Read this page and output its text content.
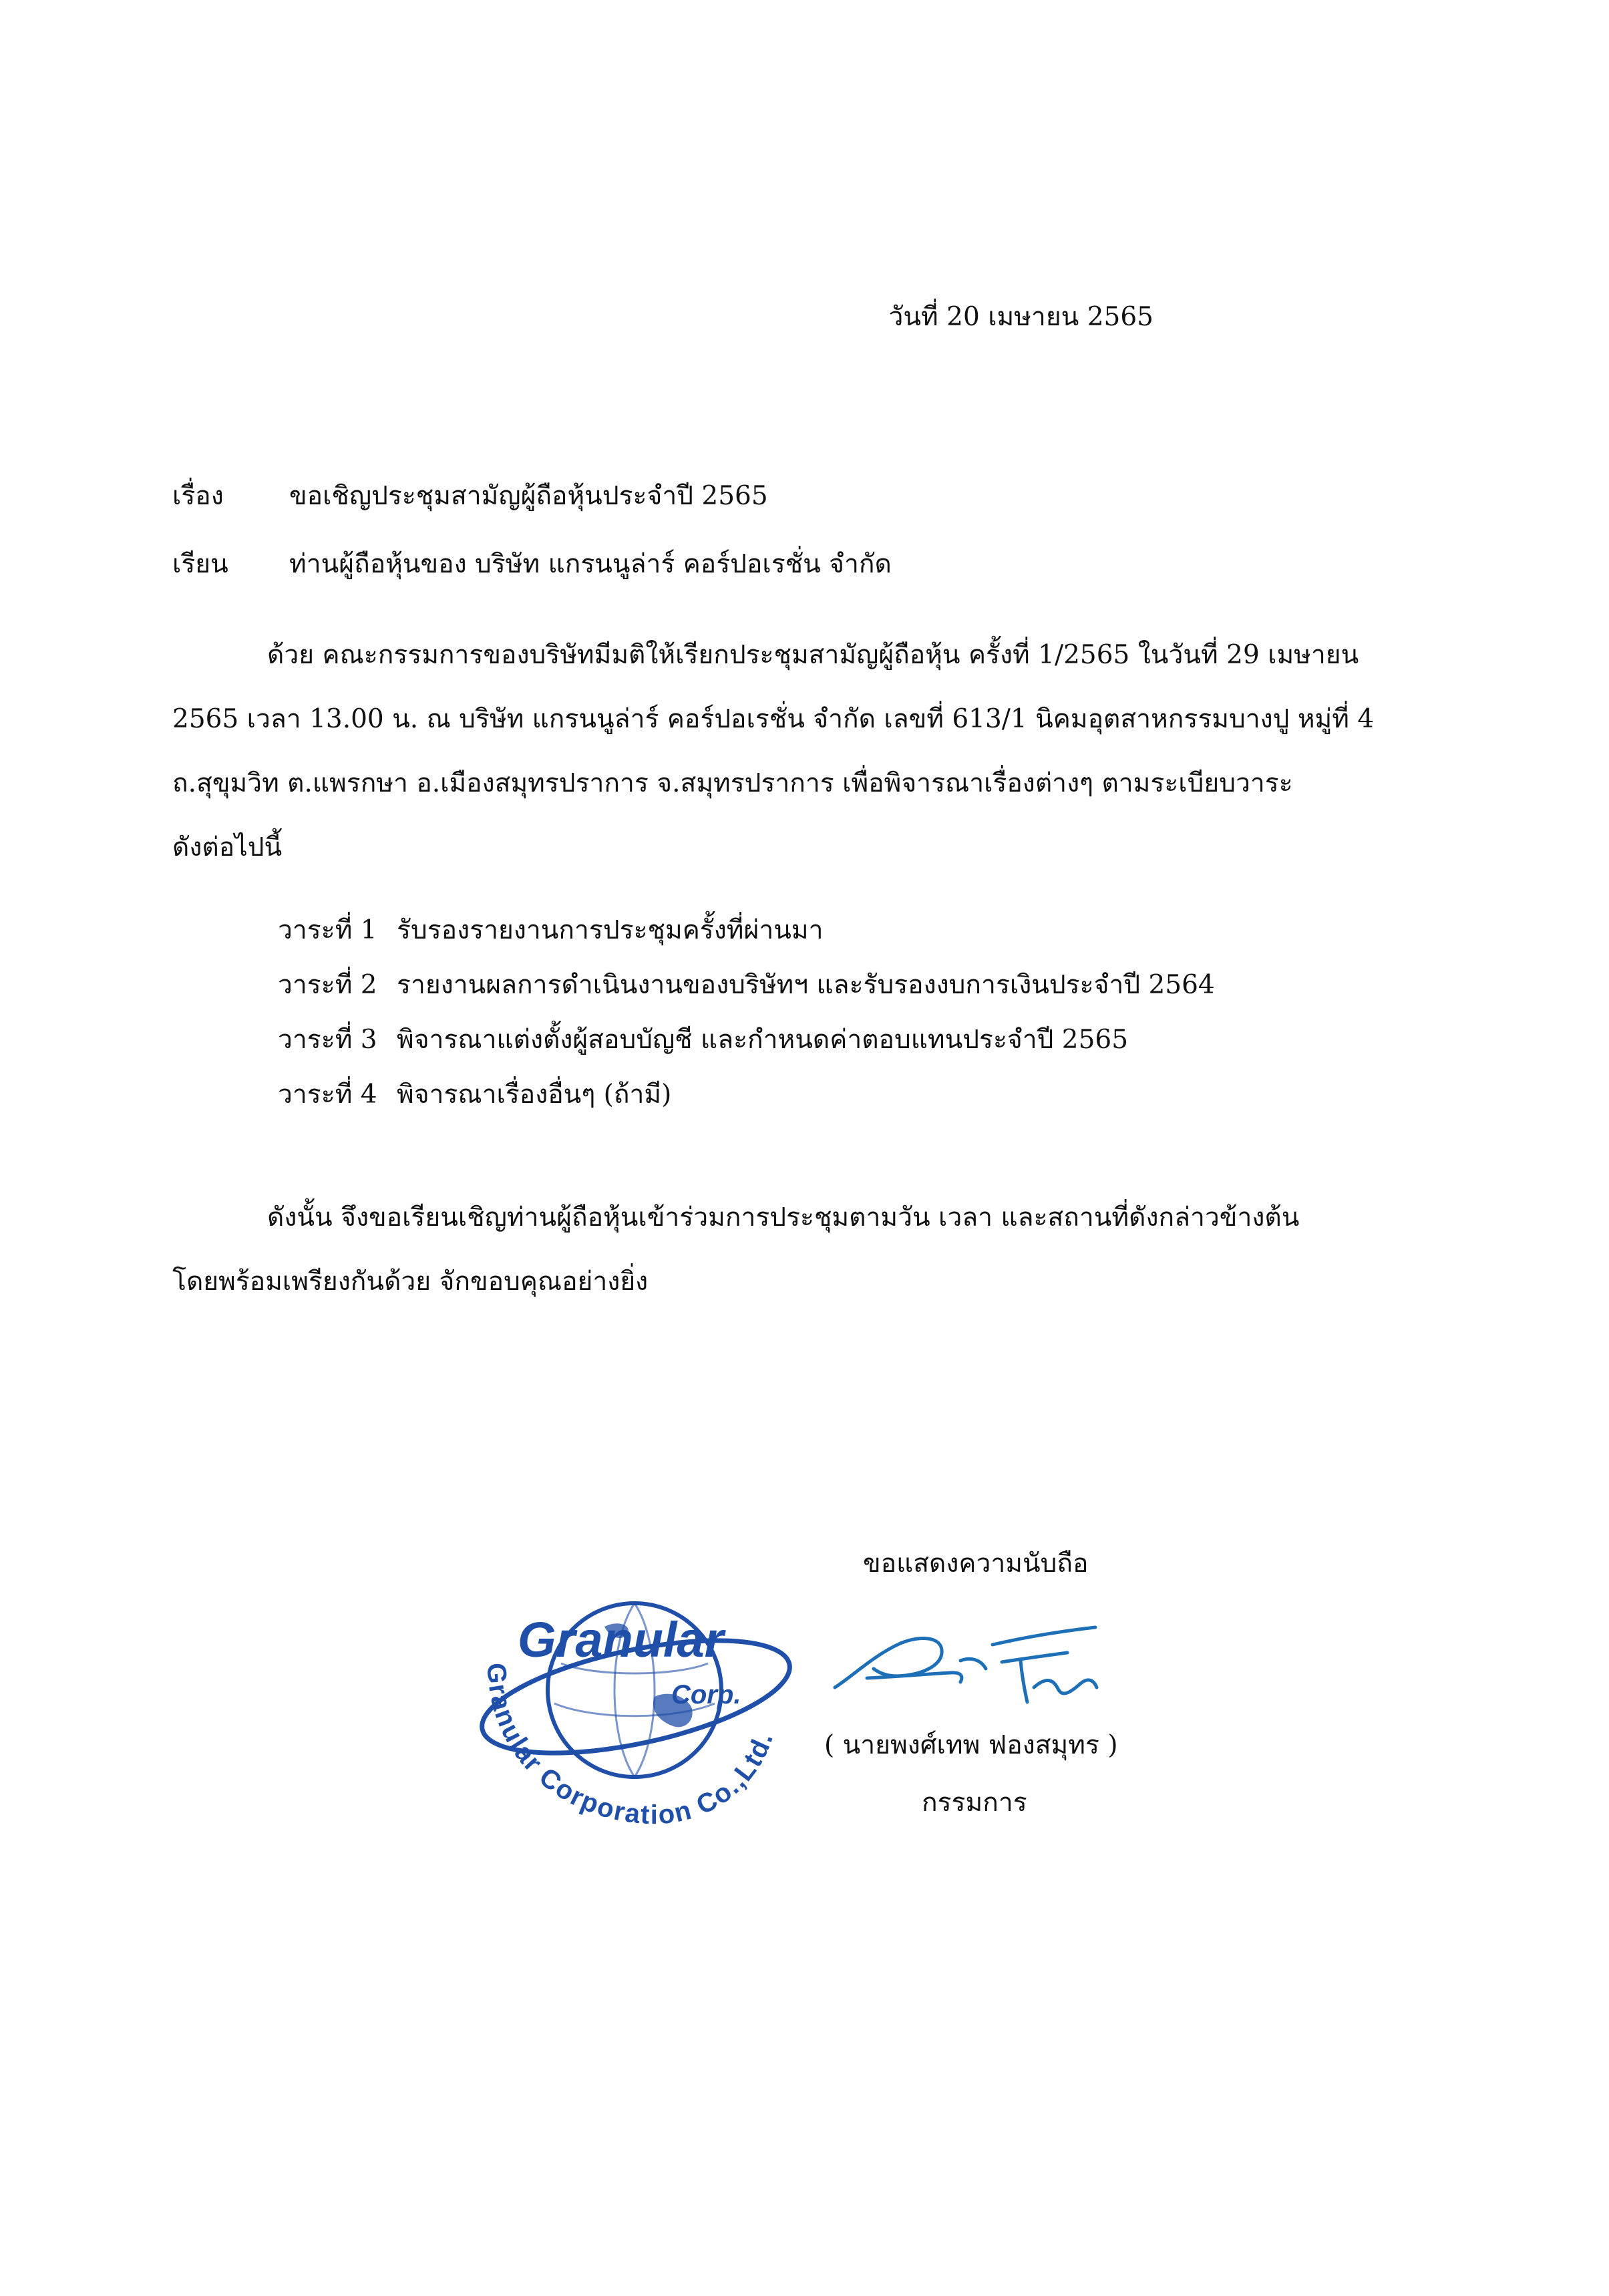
วันที่ 20 เมษายน 2565
เรื่อง	ขอเชิญประชุมสามัญผู้ถือหุ้นประจำปี 2565
เรียน	ท่านผู้ถือหุ้นของ บริษัท แกรนนูล่าร์ คอร์ปอเรชั่น จำกัด
ด้วย คณะกรรมการของบริษัทมีมติให้เรียกประชุมสามัญผู้ถือหุ้น ครั้งที่ 1/2565 ในวันที่ 29 เมษายน
2565 เวลา 13.00 น. ณ บริษัท แกรนนูล่าร์ คอร์ปอเรชั่น จำกัด เลขที่ 613/1 นิคมอุตสาหกรรมบางปู หมู่ที่ 4
ถ.สุขุมวิท ต.แพรกษา อ.เมืองสมุทรปราการ จ.สมุทรปราการ เพื่อพิจารณาเรื่องต่างๆ ตามระเบียบวาระ
ดังต่อไปนี้
วาระที่ 1 รับรองรายงานการประชุมครั้งที่ผ่านมา
วาระที่ 2 รายงานผลการดำเนินงานของบริษัทฯ และรับรองงบการเงินประจำปี 2564
วาระที่ 3 พิจารณาแต่งตั้งผู้สอบบัญชี และกำหนดค่าตอบแทนประจำปี 2565
วาระที่ 4 พิจารณาเรื่องอื่นๆ (ถ้ามี)
ดังนั้น จึงขอเรียนเชิญท่านผู้ถือหุ้นเข้าร่วมการประชุมตามวัน เวลา และสถานที่ดังกล่าวข้างต้น
โดยพร้อมเพรียงกันด้วย จักขอบคุณอย่างยิ่ง
ขอแสดงความนับถือ
( นายพงศ์เทพ ฟองสมุทร )
กรรมการ
Granular
Corp.
Granular Corporation Co.,Ltd.
